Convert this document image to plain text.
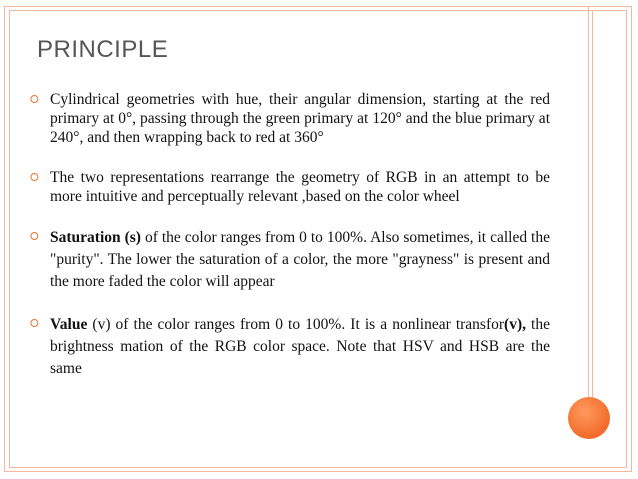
PRINCIPLE
⭘ Cylindrical geometries with hue, their angular dimension, starting at the red primary at 0°, passing through the green primary at 120° and the blue primary at 240°, and then wrapping back to red at 360°
⭘ The two representations rearrange the geometry of RGB in an attempt to be more intuitive and perceptually relevant ,based on the color wheel
⭘ Saturation (s) of the color ranges from 0 to 100%. Also sometimes, it called the "purity". The lower the saturation of a color, the more "grayness" is present and the more faded the color will appear
⭘ Value (v) of the color ranges from 0 to 100%. It is a nonlinear transfor(v), the brightness mation of the RGB color space. Note that HSV and HSB are the same
